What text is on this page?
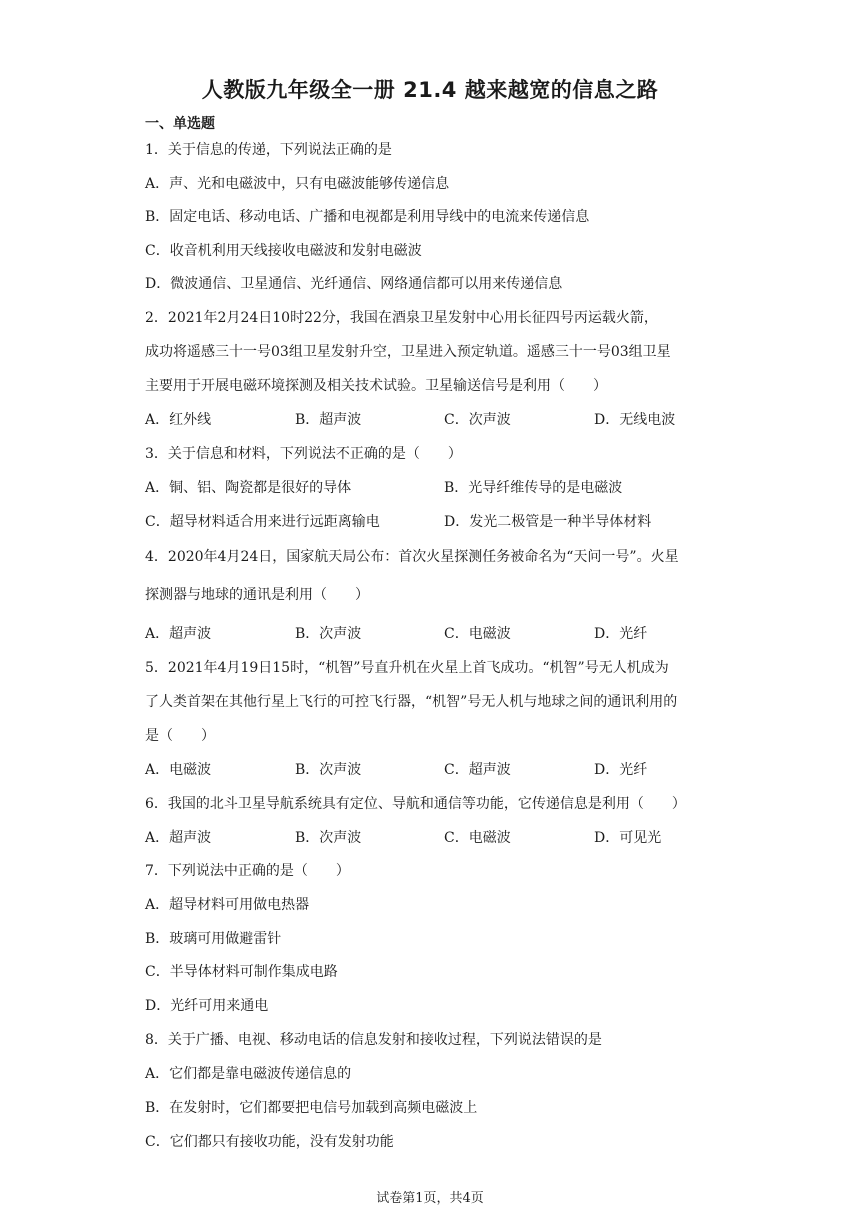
人教版九年级全一册 21.4 越来越宽的信息之路
一、单选题
1．关于信息的传递，下列说法正确的是
A．声、光和电磁波中，只有电磁波能够传递信息
B．固定电话、移动电话、广播和电视都是利用导线中的电流来传递信息
C．收音机利用天线接收电磁波和发射电磁波
D．微波通信、卫星通信、光纤通信、网络通信都可以用来传递信息
2．2021年2月24日10时22分，我国在酒泉卫星发射中心用长征四号丙运载火箭，
成功将遥感三十一号03组卫星发射升空，卫星进入预定轨道。遥感三十一号03组卫星
主要用于开展电磁环境探测及相关技术试验。卫星输送信号是利用（　　）
A．红外线	B．超声波	C．次声波	D．无线电波
3．关于信息和材料，下列说法不正确的是（　　）
A．铜、铝、陶瓷都是很好的导体	B．光导纤维传导的是电磁波
C．超导材料适合用来进行远距离输电	D．发光二极管是一种半导体材料
4．2020年4月24日，国家航天局公布：首次火星探测任务被命名为“天问一号”。火星
探测器与地球的通讯是利用（　　）
A．超声波	B．次声波	C．电磁波	D．光纤
5．2021年4月19日15时，“机智”号直升机在火星上首飞成功。“机智”号无人机成为
了人类首架在其他行星上飞行的可控飞行器，“机智”号无人机与地球之间的通讯利用的
是（　　）
A．电磁波	B．次声波	C．超声波	D．光纤
6．我国的北斗卫星导航系统具有定位、导航和通信等功能，它传递信息是利用（　　）
A．超声波	B．次声波	C．电磁波	D．可见光
7．下列说法中正确的是（　　）
A．超导材料可用做电热器
B．玻璃可用做避雷针
C．半导体材料可制作集成电路
D．光纤可用来通电
8．关于广播、电视、移动电话的信息发射和接收过程，下列说法错误的是
A．它们都是靠电磁波传递信息的
B．在发射时，它们都要把电信号加载到高频电磁波上
C．它们都只有接收功能，没有发射功能
试卷第1页，共4页
